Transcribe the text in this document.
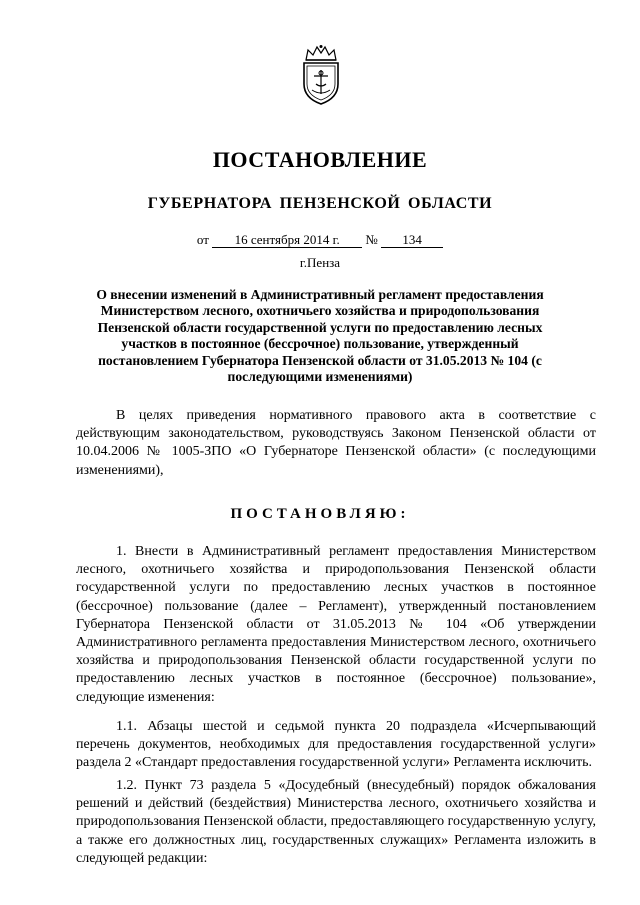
ПОСТАНОВЛЕНИЕ
ГУБЕРНАТОРА ПЕНЗЕНСКОЙ ОБЛАСТИ
от 16 сентября 2014 г. № 134
г.Пенза
О внесении изменений в Административный регламент предоставления Министерством лесного, охотничьего хозяйства и природопользования Пензенской области государственной услуги по предоставлению лесных участков в постоянное (бессрочное) пользование, утвержденный постановлением Губернатора Пензенской области от 31.05.2013 № 104 (с последующими изменениями)
В целях приведения нормативного правового акта в соответствие с действующим законодательством, руководствуясь Законом Пензенской области от 10.04.2006 № 1005-ЗПО «О Губернаторе Пензенской области» (с последующими изменениями),
ПОСТАНОВЛЯЮ:
1. Внести в Административный регламент предоставления Министерством лесного, охотничьего хозяйства и природопользования Пензенской области государственной услуги по предоставлению лесных участков в постоянное (бессрочное) пользование (далее – Регламент), утвержденный постановлением Губернатора Пензенской области от 31.05.2013 № 104 «Об утверждении Административного регламента предоставления Министерством лесного, охотничьего хозяйства и природопользования Пензенской области государственной услуги по предоставлению лесных участков в постоянное (бессрочное) пользование», следующие изменения:
1.1. Абзацы шестой и седьмой пункта 20 подраздела «Исчерпывающий перечень документов, необходимых для предоставления государственной услуги» раздела 2 «Стандарт предоставления государственной услуги» Регламента исключить.
1.2. Пункт 73 раздела 5 «Досудебный (внесудебный) порядок обжалования решений и действий (бездействия) Министерства лесного, охотничьего хозяйства и природопользования Пензенской области, предоставляющего государственную услугу, а также его должностных лиц, государственных служащих» Регламента изложить в следующей редакции:
